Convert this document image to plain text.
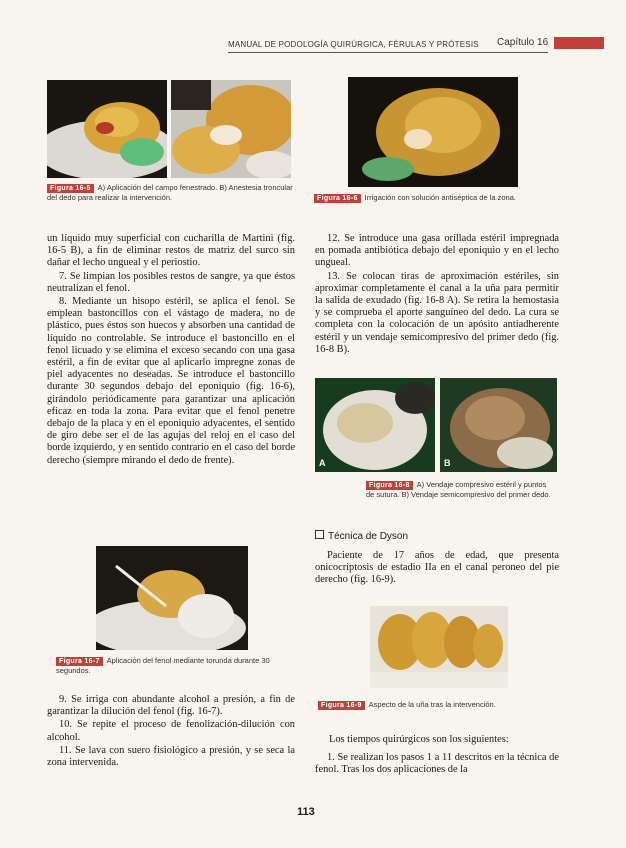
MANUAL DE PODOLOGÍA QUIRÚRGICA, FÉRULAS Y PRÓTESIS Capítulo 16
Figura 16-5 A) Aplicación del campo fenestrado. B) Anestesia troncular del dedo para realizar la intervención.	Figura 16-6 Irrigación con solución antiséptica de la zona.

un líquido muy superficial con cucharilla de Martini (fig. 16-5 B), a fin de eliminar restos de matriz del surco sin dañar el lecho ungueal y el periostio.

7. Se limpian los posibles restos de sangre, ya que éstos neutralizan el fenol.

8. Mediante un hisopo estéril, se aplica el fenol. Se emplean bastoncillos con el vástago de madera, no de plástico, pues éstos son huecos y absorben una cantidad de líquido no controlable. Se introduce el bastoncillo en el fenol licuado y se elimina el exceso secando con una gasa estéril, a fin de evitar que al aplicarlo impregne zonas de piel adyacentes no deseadas. Se introduce el bastoncillo durante 30 segundos debajo del eponiquio (fig. 16-6), girándolo periódicamente para garantizar una aplicación eficaz en toda la zona. Para evitar que el fenol penetre debajo de la placa y en el eponiquio adyacentes, el sentido de giro debe ser el de las agujas del reloj en el caso del borde izquierdo, y en sentido contrario en el caso del borde derecho (siempre mirando el dedo de frente).

Figura 16-7 Aplicación del fenol mediante torunda durante 30 segundos.

9. Se irriga con abundante alcohol a presión, a fin de garantizar la dilución del fenol (fig. 16-7).

10. Se repite el proceso de fenolización-dilución con alcohol.

11. Se lava con suero fisiológico a presión, y se seca la zona intervenida.

12. Se introduce una gasa orillada estéril impregnada en pomada antibiótica debajo del eponiquio y en el lecho ungueal.

13. Se colocan tiras de aproximación estériles, sin aproximar completamente el canal a la uña para permitir la salida de exudado (fig. 16-8 A). Se retira la hemostasia y se comprueba el aporte sanguíneo del dedo. La cura se completa con la colocación de un apósito antiadherente estéril y un vendaje semicompresivo del primer dedo (fig. 16-8 B).

A	B
Figura 16-8 A) Vendaje compresivo estéril y puntos de sutura. B) Vendaje semicompresivo del primer dedo.
Técnica de Dyson

Paciente de 17 años de edad, que presenta onicocriptosis de estadio IIa en el canal peroneo del pie derecho (fig. 16-9).

Figura 16-9 Aspecto de la uña tras la intervención.

Los tiempos quirúrgicos son los siguientes:

1. Se realizan los pasos 1 a 11 descritos en la técnica de fenol. Tras los dos aplicaciones de la

113
